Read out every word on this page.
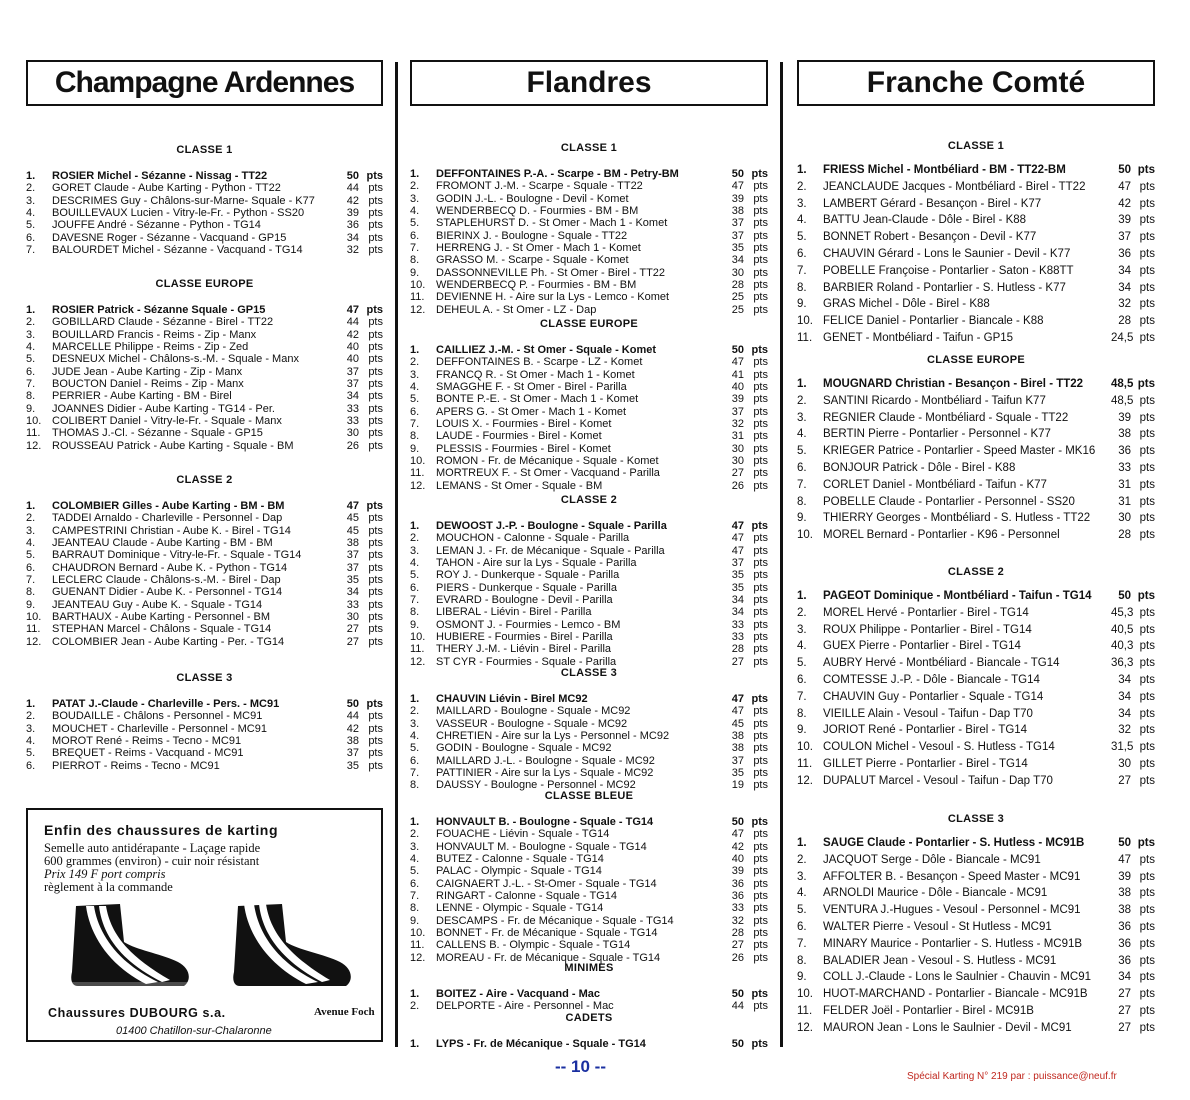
Champagne Ardennes
CLASSE 1
1.	ROSIER Michel - Sézanne - Nissag - TT22	50 pts
2.	GORET Claude - Aube Karting - Python - TT22	44 pts
3.	DESCRIMES Guy - Châlons-sur-Marne- Squale - K77	42 pts
4.	BOUILLEVAUX Lucien - Vitry-le-Fr. - Python - SS20	39 pts
5.	JOUFFE André - Sézanne - Python - TG14	36 pts
6.	DAVESNE Roger - Sézanne - Vacquand - GP15	34 pts
7.	BALOURDET Michel - Sézanne - Vacquand - TG14	32 pts
CLASSE EUROPE
1.	ROSIER Patrick - Sézanne Squale - GP15	47 pts
2.	GOBILLARD Claude - Sézanne - Birel - TT22	44 pts
3.	BOUILLARD Francis - Reims - Zip - Manx	42 pts
4.	MARCELLE Philippe - Reims - Zip - Zed	40 pts
5.	DESNEUX Michel - Châlons-s.-M. - Squale - Manx	40 pts
6.	JUDE Jean - Aube Karting - Zip - Manx	37 pts
7.	BOUCTON Daniel - Reims - Zip - Manx	37 pts
8.	PERRIER - Aube Karting - BM - Birel	34 pts
9.	JOANNES Didier - Aube Karting - TG14 - Per.	33 pts
10. COLIBERT Daniel - Vitry-le-Fr. - Squale - Manx	33 pts
11.	THOMAS J.-Cl. - Sézanne - Squale - GP15	30 pts
12. ROUSSEAU Patrick - Aube Karting - Squale - BM	26 pts
CLASSE 2
1.	COLOMBIER Gilles - Aube Karting - BM - BM	47 pts
2.	TADDEI Arnaldo - Charleville - Personnel - Dap	45 pts
3.	CAMPESTRINI Christian - Aube K. - Birel - TG14	45 pts
4.	JEANTEAU Claude - Aube Karting - BM - BM	38 pts
5.	BARRAUT Dominique - Vitry-le-Fr. - Squale - TG14	37 pts
6.	CHAUDRON Bernard - Aube K. - Python - TG14	37 pts
7.	LECLERC Claude - Châlons-s.-M. - Birel - Dap	35 pts
8.	GUENANT Didier - Aube K. - Personnel - TG14	34 pts
9.	JEANTEAU Guy - Aube K. - Squale - TG14	33 pts
10. BARTHAUX - Aube Karting - Personnel - BM	30 pts
11.	STEPHAN Marcel - Châlons - Squale - TG14	27 pts
12. COLOMBIER Jean - Aube Karting - Per. - TG14	27 pts
CLASSE 3
1.	PATAT J.-Claude - Charleville - Pers. - MC91	50 pts
2.	BOUDAILLE - Châlons - Personnel - MC91	44 pts
3.	MOUCHET - Charleville - Personnel - MC91	42 pts
4.	MOROT René - Reims - Tecno - MC91	38 pts
5.	BREQUET - Reims - Vacquand - MC91	37 pts
6.	PIERROT - Reims - Tecno - MC91	35 pts
Flandres
CLASSE 1
1.	DEFFONTAINES P.-A. - Scarpe - BM - Petry-BM	50 pts
2.	FROMONT J.-M. - Scarpe - Squale - TT22	47 pts
3.	GODIN J.-L. - Boulogne - Devil - Komet	39 pts
4.	WENDERBECQ D. - Fourmies - BM - BM	38 pts
5.	STAPLEHURST D. - St Omer - Mach 1 - Komet	37 pts
6.	BIERINX J. - Boulogne - Squale - TT22	37 pts
7.	HERRENG J. - St Omer - Mach 1 - Komet	35 pts
8.	GRASSO M. - Scarpe - Squale - Komet	34 pts
9.	DASSONNEVILLE Ph. - St Omer - Birel - TT22	30 pts
10. WENDERBECQ P. - Fourmies - BM - BM	28 pts
11.	DEVIENNE H. - Aire sur la Lys - Lemco - Komet	25 pts
12. DEHEUL A. - St Omer - LZ - Dap	25 pts
CLASSE EUROPE
1.	CAILLIEZ J.-M. - St Omer - Squale - Komet	50 pts
2.	DEFFONTAINES B. - Scarpe - LZ - Komet	47 pts
3.	FRANCQ R. - St Omer - Mach 1 - Komet	41 pts
4.	SMAGGHE F. - St Omer - Birel - Parilla	40 pts
5.	BONTE P.-E. - St Omer - Mach 1 - Komet	39 pts
6.	APERS G. - St Omer - Mach 1 - Komet	37 pts
7.	LOUIS X. - Fourmies - Birel - Komet	32 pts
8.	LAUDE - Fourmies - Birel - Komet	31 pts
9.	PLESSIS - Fourmies - Birel - Komet	30 pts
10. ROMON - Fr. de Mécanique - Squale - Komet	30 pts
11.	MORTREUX F. - St Omer - Vacquand - Parilla	27 pts
12. LEMANS - St Omer - Squale - BM	26 pts
CLASSE 2
1.	DEWOOST J.-P. - Boulogne - Squale - Parilla	47 pts
2.	MOUCHON - Calonne - Squale - Parilla	47 pts
3.	LEMAN J. - Fr. de Mécanique - Squale - Parilla	47 pts
4.	TAHON - Aire sur la Lys - Squale - Parilla	37 pts
5.	ROY J. - Dunkerque - Squale - Parilla	35 pts
6.	PIERS - Dunkerque - Squale - Parilla	35 pts
7.	EVRARD - Boulogne - Devil - Parilla	34 pts
8.	LIBERAL - Liévin - Birel - Parilla	34 pts
9.	OSMONT J. - Fourmies - Lemco - BM	33 pts
10. HUBIERE - Fourmies - Birel - Parilla	33 pts
11.	THERY J.-M. - Liévin - Birel - Parilla	28 pts
12. ST CYR - Fourmies - Squale - Parilla	27 pts
CLASSE 3
1.	CHAUVIN Liévin - Birel MC92	47 pts
2.	MAILLARD - Boulogne - Squale - MC92	47 pts
3.	VASSEUR - Boulogne - Squale - MC92	45 pts
4.	CHRETIEN - Aire sur la Lys - Personnel - MC92	38 pts
5.	GODIN - Boulogne - Squale - MC92	38 pts
6.	MAILLARD J.-L. - Boulogne - Squale - MC92	37 pts
7.	PATTINIER - Aire sur la Lys - Squale - MC92	35 pts
8.	DAUSSY - Boulogne - Personnel - MC92	19 pts
CLASSE BLEUE
1.	HONVAULT B. - Boulogne - Squale - TG14	50 pts
2.	FOUACHE - Liévin - Squale - TG14	47 pts
3.	HONVAULT M. - Boulogne - Squale - TG14	42 pts
4.	BUTEZ - Calonne - Squale - TG14	40 pts
5.	PALAC - Olympic - Squale - TG14	39 pts
6.	CAIGNAERT J.-L. - St-Omer - Squale - TG14	36 pts
7.	RINGART - Calonne - Squale - TG14	36 pts
8.	LENNE - Olympic - Squale - TG14	33 pts
9.	DESCAMPS - Fr. de Mécanique - Squale - TG14	32 pts
10. BONNET - Fr. de Mécanique - Squale - TG14	28 pts
11.	CALLENS B. - Olympic - Squale - TG14	27 pts
12. MOREAU - Fr. de Mécanique - Squale - TG14	26 pts
MINIMES
1.	BOITEZ - Aire - Vacquand - Mac	50 pts
2.	DELPORTE - Aire - Personnel - Mac	44 pts
CADETS
1.	LYPS - Fr. de Mécanique - Squale - TG14	50 pts
Franche Comté
CLASSE 1
1.	FRIESS Michel - Montbéliard - BM - TT22-BM	50 pts
2.	JEANCLAUDE Jacques - Montbéliard - Birel - TT22	47 pts
3.	LAMBERT Gérard - Besançon - Birel - K77	42 pts
4.	BATTU Jean-Claude - Dôle - Birel - K88	39 pts
5.	BONNET Robert - Besançon - Devil - K77	37 pts
6.	CHAUVIN Gérard - Lons le Saunier - Devil - K77	36 pts
7.	POBELLE Françoise - Pontarlier - Saton - K88TT	34 pts
8.	BARBIER Roland - Pontarlier - S. Hutless - K77	34 pts
9.	GRAS Michel - Dôle - Birel - K88	32 pts
10. FELICE Daniel - Pontarlier - Biancale - K88	28 pts
11. GENET - Montbéliard - Taifun - GP15	24,5 pts
CLASSE EUROPE
1.	MOUGNARD Christian - Besançon - Birel - TT22	48,5 pts
2.	SANTINI Ricardo - Montbéliard - Taifun K77	48,5 pts
3.	REGNIER Claude - Montbéliard - Squale - TT22	39 pts
4.	BERTIN Pierre - Pontarlier - Personnel - K77	38 pts
5.	KRIEGER Patrice - Pontarlier - Speed Master - MK16	36 pts
6.	BONJOUR Patrick - Dôle - Birel - K88	33 pts
7.	CORLET Daniel - Montbéliard - Taifun - K77	31 pts
8.	POBELLE Claude - Pontarlier - Personnel - SS20	31 pts
9.	THIERRY Georges - Montbéliard - S. Hutless - TT22	30 pts
10. MOREL Bernard - Pontarlier - K96 - Personnel	28 pts
CLASSE 2
1.	PAGEOT Dominique - Montbéliard - Taifun - TG14	50 pts
2.	MOREL Hervé - Pontarlier - Birel - TG14	45,3 pts
3.	ROUX Philippe - Pontarlier - Birel - TG14	40,5 pts
4.	GUEX Pierre - Pontarlier - Birel - TG14	40,3 pts
5.	AUBRY Hervé - Montbéliard - Biancale - TG14	36,3 pts
6.	COMTESSE J.-P. - Dôle - Biancale - TG14	34 pts
7.	CHAUVIN Guy - Pontarlier - Squale - TG14	34 pts
8.	VIEILLE Alain - Vesoul - Taifun - Dap T70	34 pts
9.	JORIOT René - Pontarlier - Birel - TG14	32 pts
10. COULON Michel - Vesoul - S. Hutless - TG14	31,5 pts
11. GILLET Pierre - Pontarlier - Birel - TG14	30 pts
12. DUPALUT Marcel - Vesoul - Taifun - Dap T70	27 pts
CLASSE 3
1.	SAUGE Claude - Pontarlier - S. Hutless - MC91B	50 pts
2.	JACQUOT Serge - Dôle - Biancale - MC91	47 pts
3.	AFFOLTER B. - Besançon - Speed Master - MC91	39 pts
4.	ARNOLDI Maurice - Dôle - Biancale - MC91	38 pts
5.	VENTURA J.-Hugues - Vesoul - Personnel - MC91	38 pts
6.	WALTER Pierre - Vesoul - St Hutless - MC91	36 pts
7.	MINARY Maurice - Pontarlier - S. Hutless - MC91B	36 pts
8.	BALADIER Jean - Vesoul - S. Hutless - MC91	36 pts
9.	COLL J.-Claude - Lons le Saulnier - Chauvin - MC91	34 pts
10. HUOT-MARCHAND - Pontarlier - Biancale - MC91B	27 pts
11. FELDER Joël - Pontarlier - Birel - MC91B	27 pts
12. MAURON Jean - Lons le Saulnier - Devil - MC91	27 pts
Enfin des chaussures de karting
Semelle auto antidérapante - Laçage rapide
600 grammes (environ) - cuir noir résistant
Prix 149 F port compris
règlement à la commande
Chaussures DUBOURG s.a.	Avenue Foch
01400 Chatillon-sur-Chalaronne
-- 10 --
Spécial Karting N° 219 par : puissance@neuf.fr
